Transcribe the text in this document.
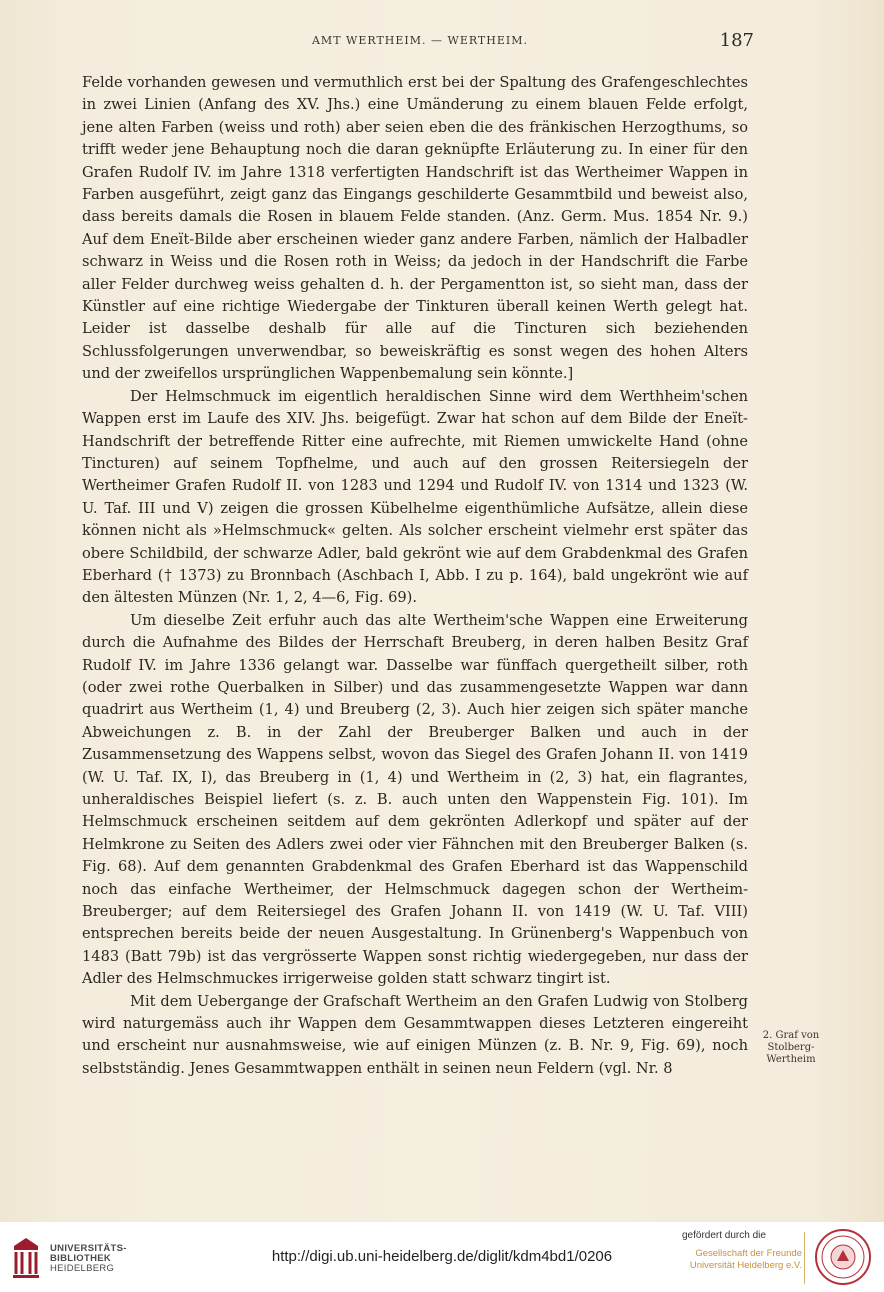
AMT WERTHEIM. — WERTHEIM.	187

Felde vorhanden gewesen und vermuthlich erst bei der Spaltung des Grafengeschlechtes in zwei Linien (Anfang des XV. Jhs.) eine Umänderung zu einem blauen Felde erfolgt, jene alten Farben (weiss und roth) aber seien eben die des fränkischen Herzogthums, so trifft weder jene Behauptung noch die daran geknüpfte Erläuterung zu. In einer für den Grafen Rudolf IV. im Jahre 1318 verfertigten Handschrift ist das Wertheimer Wappen in Farben ausgeführt, zeigt ganz das Eingangs geschilderte Gesammtbild und beweist also, dass bereits damals die Rosen in blauem Felde standen. (Anz. Germ. Mus. 1854 Nr. 9.) Auf dem Eneït-Bilde aber erscheinen wieder ganz andere Farben, nämlich der Halbadler schwarz in Weiss und die Rosen roth in Weiss; da jedoch in der Handschrift die Farbe aller Felder durchweg weiss gehalten d. h. der Pergamentton ist, so sieht man, dass der Künstler auf eine richtige Wiedergabe der Tinkturen überall keinen Werth gelegt hat. Leider ist dasselbe deshalb für alle auf die Tincturen sich beziehenden Schlussfolgerungen unverwendbar, so beweiskräftig es sonst wegen des hohen Alters und der zweifellos ursprünglichen Wappenbemalung sein könnte.]

Der Helmschmuck im eigentlich heraldischen Sinne wird dem Werthheim'schen Wappen erst im Laufe des XIV. Jhs. beigefügt. Zwar hat schon auf dem Bilde der Eneït-Handschrift der betreffende Ritter eine aufrechte, mit Riemen umwickelte Hand (ohne Tincturen) auf seinem Topfhelme, und auch auf den grossen Reitersiegeln der Wertheimer Grafen Rudolf II. von 1283 und 1294 und Rudolf IV. von 1314 und 1323 (W. U. Taf. III und V) zeigen die grossen Kübelhelme eigenthümliche Aufsätze, allein diese können nicht als »Helmschmuck« gelten. Als solcher erscheint vielmehr erst später das obere Schildbild, der schwarze Adler, bald gekrönt wie auf dem Grabdenkmal des Grafen Eberhard († 1373) zu Bronnbach (Aschbach I, Abb. I zu p. 164), bald ungekrönt wie auf den ältesten Münzen (Nr. 1, 2, 4—6, Fig. 69).

Um dieselbe Zeit erfuhr auch das alte Wertheim'sche Wappen eine Erweiterung durch die Aufnahme des Bildes der Herrschaft Breuberg, in deren halben Besitz Graf Rudolf IV. im Jahre 1336 gelangt war. Dasselbe war fünffach quergetheilt silber, roth (oder zwei rothe Querbalken in Silber) und das zusammengesetzte Wappen war dann quadrirt aus Wertheim (1, 4) und Breuberg (2, 3). Auch hier zeigen sich später manche Abweichungen z. B. in der Zahl der Breuberger Balken und auch in der Zusammensetzung des Wappens selbst, wovon das Siegel des Grafen Johann II. von 1419 (W. U. Taf. IX, I), das Breuberg in (1, 4) und Wertheim in (2, 3) hat, ein flagrantes, unheraldisches Beispiel liefert (s. z. B. auch unten den Wappenstein Fig. 101). Im Helmschmuck erscheinen seitdem auf dem gekrönten Adlerkopf und später auf der Helmkrone zu Seiten des Adlers zwei oder vier Fähnchen mit den Breuberger Balken (s. Fig. 68). Auf dem genannten Grabdenkmal des Grafen Eberhard ist das Wappenschild noch das einfache Wertheimer, der Helmschmuck dagegen schon der Wertheim-Breuberger; auf dem Reitersiegel des Grafen Johann II. von 1419 (W. U. Taf. VIII) entsprechen bereits beide der neuen Ausgestaltung. In Grünenberg's Wappenbuch von 1483 (Batt 79b) ist das vergrösserte Wappen sonst richtig wiedergegeben, nur dass der Adler des Helmschmuckes irrigerweise golden statt schwarz tingirt ist.

Mit dem Uebergange der Grafschaft Wertheim an den Grafen Ludwig von Stolberg wird naturgemäss auch ihr Wappen dem Gesammtwappen dieses Letzteren eingereiht und erscheint nur ausnahmsweise, wie auf einigen Münzen (z. B. Nr. 9, Fig. 69), noch selbstständig. Jenes Gesammtwappen enthält in seinen neun Feldern (vgl. Nr. 8

2. Graf von Stolberg-Wertheim
UNIVERSITÄTS-
BIBLIOTHEK
HEIDELBERG
http://digi.ub.uni-heidelberg.de/diglit/kdm4bd1/0206
gefördert durch die
Gesellschaft der Freunde
Universität Heidelberg e.V.
